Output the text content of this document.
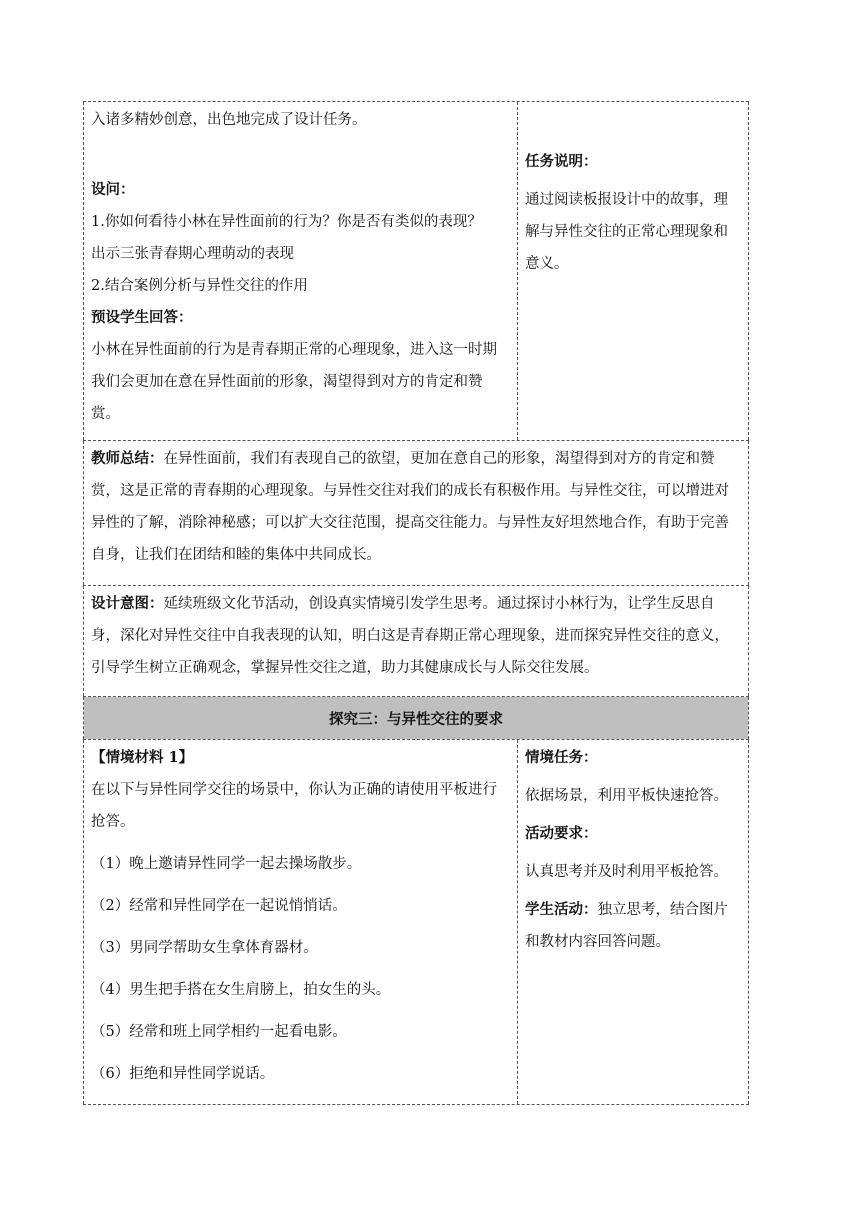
入诸多精妙创意，出色地完成了设计任务。

设问：

1.你如何看待小林在异性面前的行为？你是否有类似的表现？

出示三张青春期心理萌动的表现

2.结合案例分析与异性交往的作用

预设学生回答：

小林在异性面前的行为是青春期正常的心理现象，进入这一时期我们会更加在意在异性面前的形象，渴望得到对方的肯定和赞赏。

任务说明：

通过阅读板报设计中的故事，理解与异性交往的正常心理现象和意义。

教师总结：在异性面前，我们有表现自己的欲望，更加在意自己的形象，渴望得到对方的肯定和赞赏，这是正常的青春期的心理现象。与异性交往对我们的成长有积极作用。与异性交往，可以增进对异性的了解，消除神秘感；可以扩大交往范围，提高交往能力。与异性友好坦然地合作，有助于完善自身，让我们在团结和睦的集体中共同成长。

设计意图：延续班级文化节活动，创设真实情境引发学生思考。通过探讨小林行为，让学生反思自身，深化对异性交往中自我表现的认知，明白这是青春期正常心理现象，进而探究异性交往的意义，引导学生树立正确观念，掌握异性交往之道，助力其健康成长与人际交往发展。

探究三：与异性交往的要求

【情境材料 1】

在以下与异性同学交往的场景中，你认为正确的请使用平板进行抢答。

（1）晚上邀请异性同学一起去操场散步。

（2）经常和异性同学在一起说悄悄话。

（3）男同学帮助女生拿体育器材。

（4）男生把手搭在女生肩膀上，拍女生的头。

（5）经常和班上同学相约一起看电影。

（6）拒绝和异性同学说话。

情境任务：

依据场景，利用平板快速抢答。

活动要求：

认真思考并及时利用平板抢答。

学生活动：独立思考，结合图片和教材内容回答问题。
